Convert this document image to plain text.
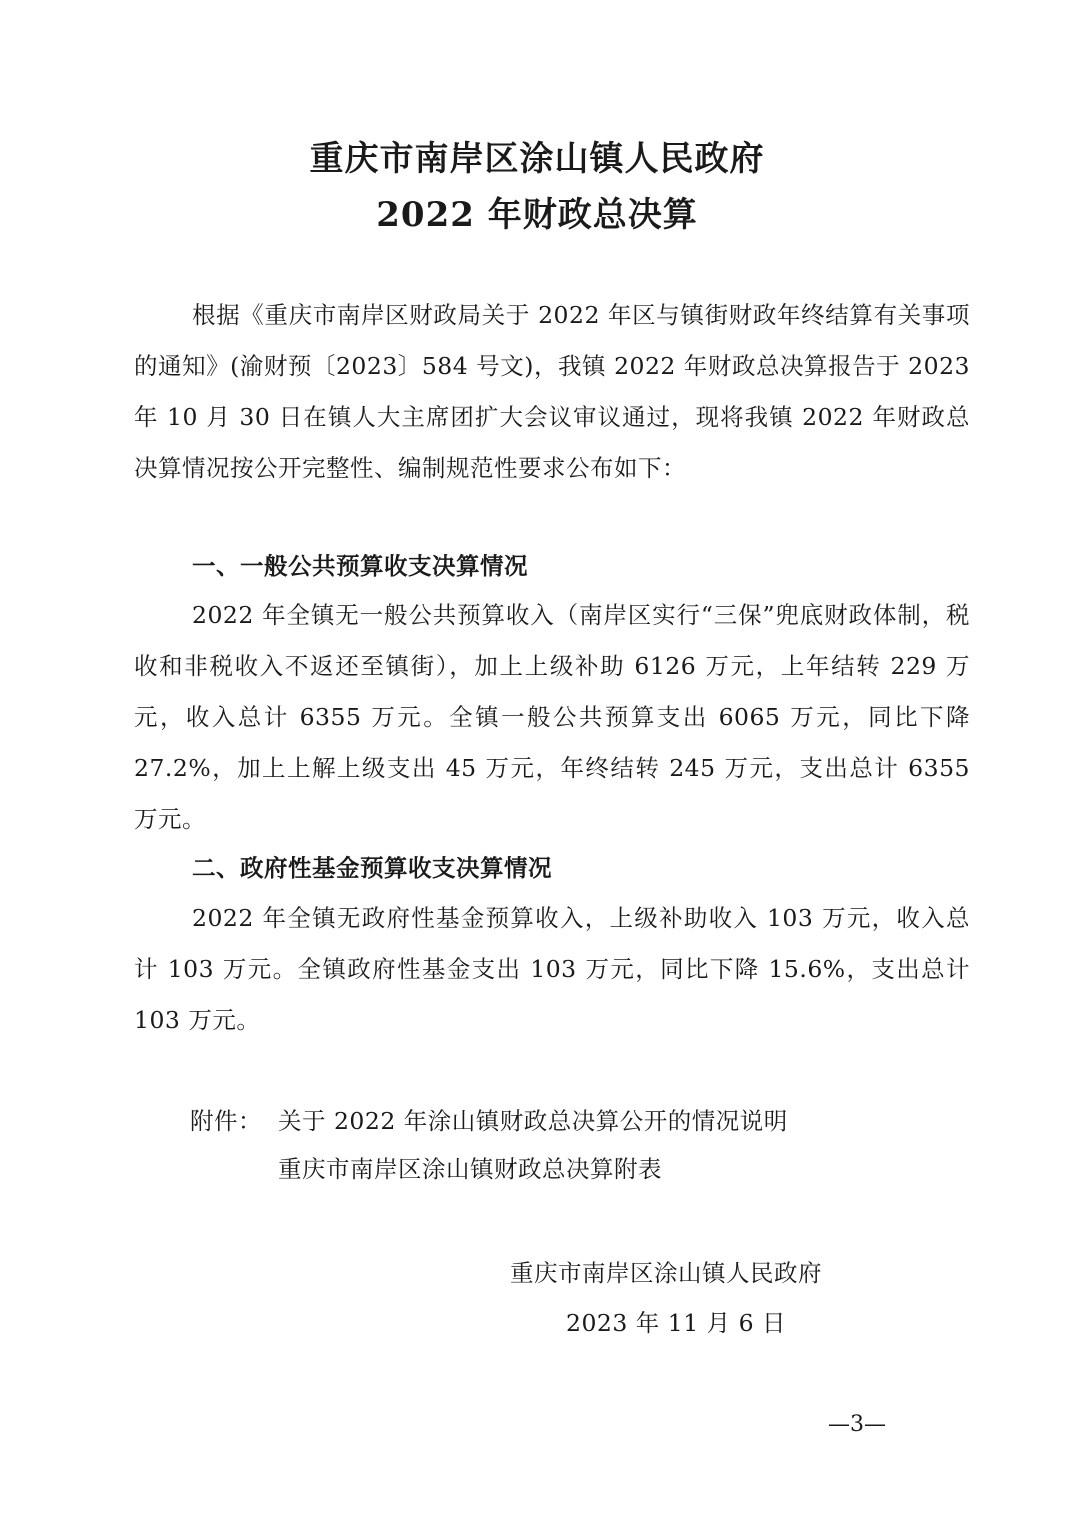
重庆市南岸区涂山镇人民政府
2022 年财政总决算

根据《重庆市南岸区财政局关于 2022 年区与镇街财政年终结算有关事项的通知》(渝财预〔2023〕584 号文)，我镇 2022 年财政总决算报告于 2023 年 10 月 30 日在镇人大主席团扩大会议审议通过，现将我镇 2022 年财政总决算情况按公开完整性、编制规范性要求公布如下：

一、一般公共预算收支决算情况

2022 年全镇无一般公共预算收入（南岸区实行“三保”兜底财政体制，税收和非税收入不返还至镇街），加上上级补助 6126 万元，上年结转 229 万元，收入总计 6355 万元。全镇一般公共预算支出 6065 万元，同比下降 27.2%，加上上解上级支出 45 万元，年终结转 245 万元，支出总计 6355 万元。

二、政府性基金预算收支决算情况

2022 年全镇无政府性基金预算收入，上级补助收入 103 万元，收入总计 103 万元。全镇政府性基金支出 103 万元，同比下降 15.6%，支出总计 103 万元。

附件： 关于 2022 年涂山镇财政总决算公开的情况说明
重庆市南岸区涂山镇财政总决算附表
重庆市南岸区涂山镇人民政府
2023 年 11 月 6 日
—3—
